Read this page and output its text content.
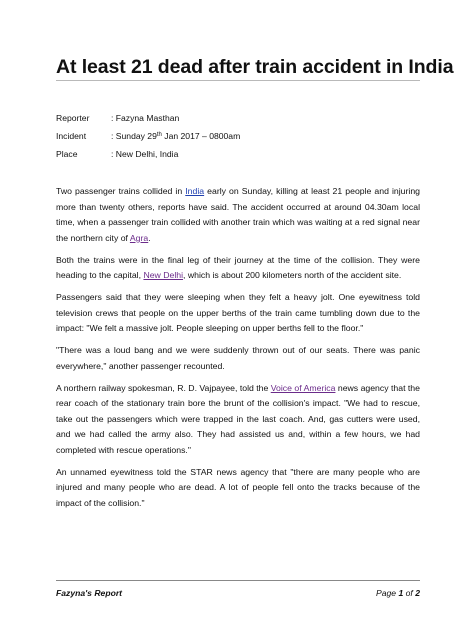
At least 21 dead after train accident in India
Reporter	: Fazyna Masthan
Incident	: Sunday 29th Jan 2017 – 0800am
Place	: New Delhi, India

Two passenger trains collided in India early on Sunday, killing at least 21 people and injuring more than twenty others, reports have said. The accident occurred at around 04.30am local time, when a passenger train collided with another train which was waiting at a red signal near the northern city of Agra.

Both the trains were in the final leg of their journey at the time of the collision. They were heading to the capital, New Delhi, which is about 200 kilometers north of the accident site.

Passengers said that they were sleeping when they felt a heavy jolt. One eyewitness told television crews that people on the upper berths of the train came tumbling down due to the impact: "We felt a massive jolt. People sleeping on upper berths fell to the floor."

"There was a loud bang and we were suddenly thrown out of our seats. There was panic everywhere," another passenger recounted.

A northern railway spokesman, R. D. Vajpayee, told the Voice of America news agency that the rear coach of the stationary train bore the brunt of the collision's impact. "We had to rescue, take out the passengers which were trapped in the last coach. And, gas cutters were used, and we had called the army also. They had assisted us and, within a few hours, we had completed with rescue operations."

An unnamed eyewitness told the STAR news agency that "there are many people who are injured and many people who are dead. A lot of people fell onto the tracks because of the impact of the collision."

Fazyna's Report	Page 1 of 2
